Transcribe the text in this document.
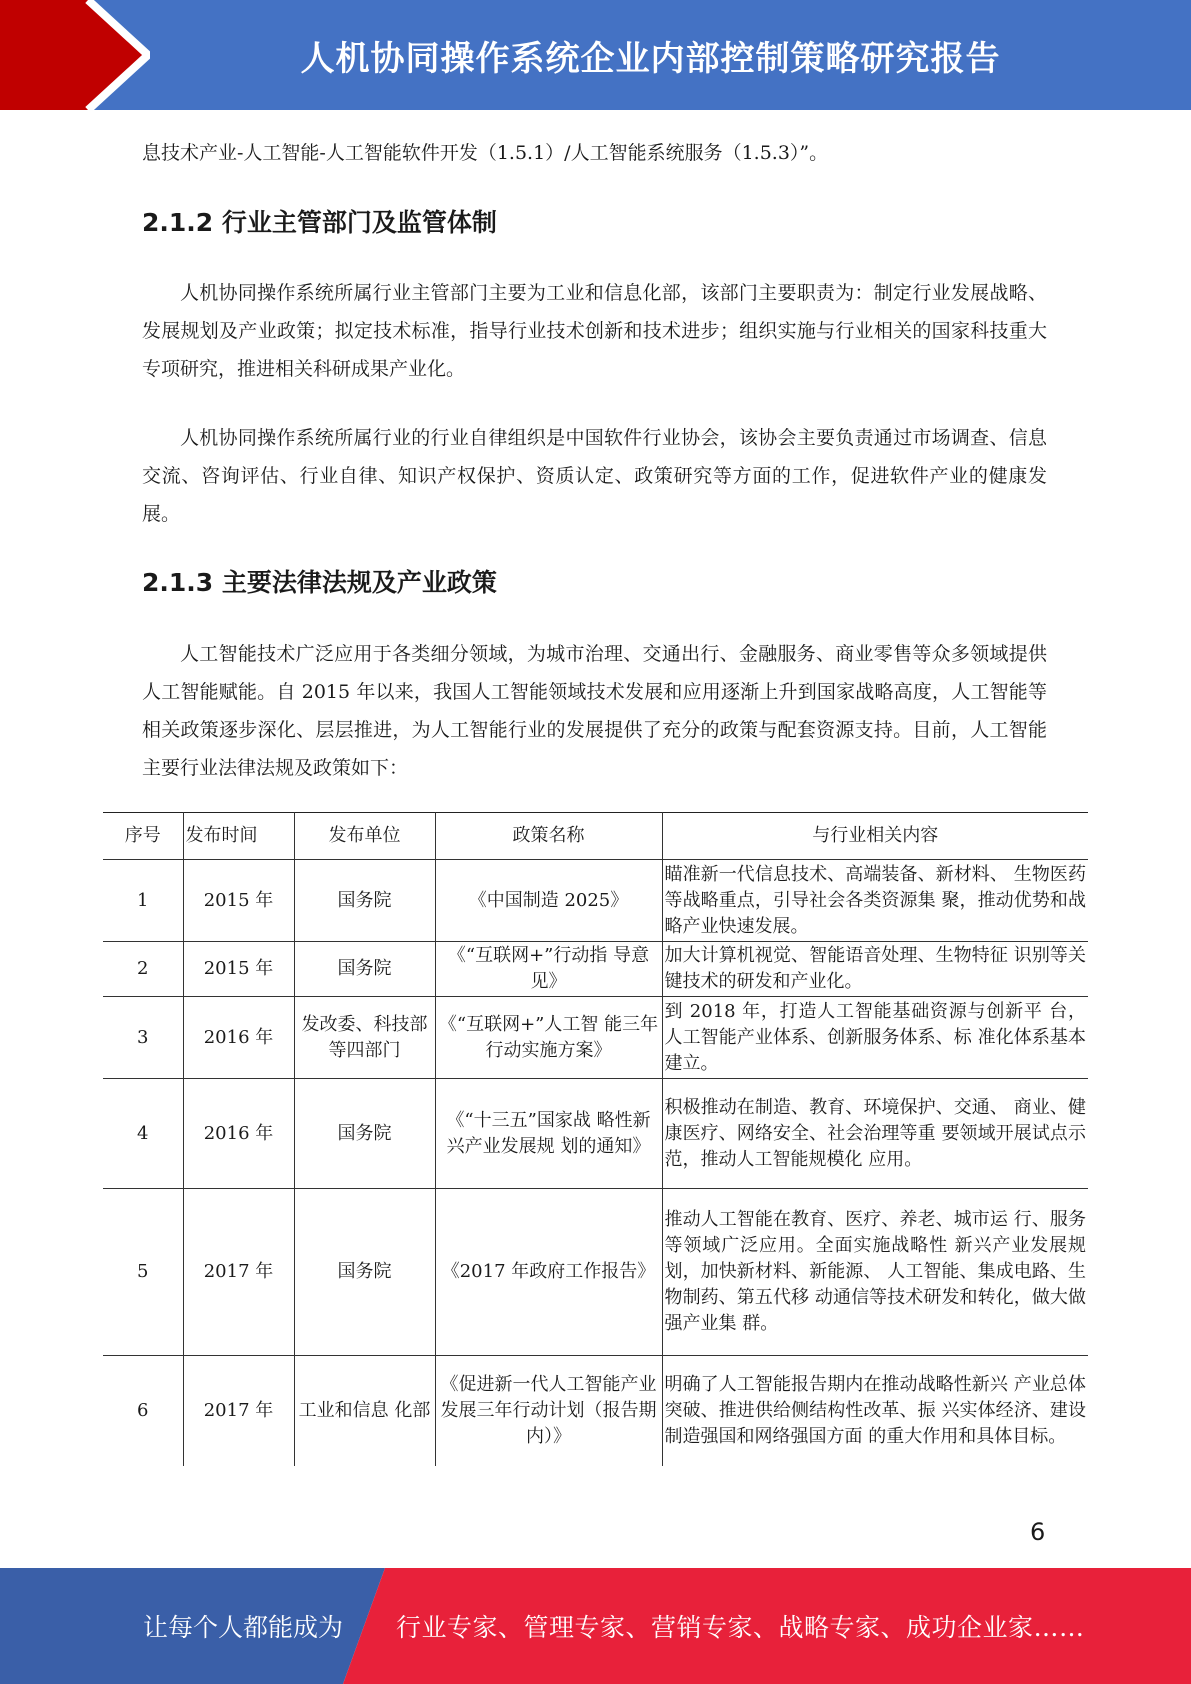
人机协同操作系统企业内部控制策略研究报告
息技术产业-人工智能-人工智能软件开发（1.5.1）/人工智能系统服务（1.5.3）”。
2.1.2 行业主管部门及监管体制
人机协同操作系统所属行业主管部门主要为工业和信息化部，该部门主要职责为：制定行业发展战略、发展规划及产业政策；拟定技术标准，指导行业技术创新和技术进步；组织实施与行业相关的国家科技重大专项研究，推进相关科研成果产业化。
人机协同操作系统所属行业的行业自律组织是中国软件行业协会，该协会主要负责通过市场调查、信息交流、咨询评估、行业自律、知识产权保护、资质认定、政策研究等方面的工作，促进软件产业的健康发展。
2.1.3 主要法律法规及产业政策
人工智能技术广泛应用于各类细分领域，为城市治理、交通出行、金融服务、商业零售等众多领域提供人工智能赋能。自 2015 年以来，我国人工智能领域技术发展和应用逐渐上升到国家战略高度，人工智能等相关政策逐步深化、层层推进，为人工智能行业的发展提供了充分的政策与配套资源支持。目前，人工智能主要行业法律法规及政策如下：
序号	发布时间	发布单位	政策名称	与行业相关内容
1	2015 年	国务院	《中国制造 2025》	瞄准新一代信息技术、高端装备、新材料、 生物医药等战略重点，引导社会各类资源集 聚，推动优势和战略产业快速发展。
2	2015 年	国务院	《“互联网+”行动指 导意见》	加大计算机视觉、智能语音处理、生物特征 识别等关键技术的研发和产业化。
3	2016 年	发改委、科技部等四部门	《“互联网+”人工智 能三年行动实施方案》	到 2018 年，打造人工智能基础资源与创新平 台，人工智能产业体系、创新服务体系、标 准化体系基本建立。
4	2016 年	国务院	《“十三五”国家战 略性新兴产业发展规 划的通知》	积极推动在制造、教育、环境保护、交通、 商业、健康医疗、网络安全、社会治理等重 要领域开展试点示范，推动人工智能规模化 应用。
5	2017 年	国务院	《2017 年政府工作报告》	推动人工智能在教育、医疗、养老、城市运 行、服务等领域广泛应用。全面实施战略性 新兴产业发展规划，加快新材料、新能源、 人工智能、集成电路、生物制药、第五代移 动通信等技术研发和转化，做大做强产业集 群。
6	2017 年	工业和信息 化部	《促进新一代人工智能产业发展三年行动计划（报告期内）》	明确了人工智能报告期内在推动战略性新兴 产业总体突破、推进供给侧结构性改革、振 兴实体经济、建设制造强国和网络强国方面 的重大作用和具体目标。
6
让每个人都能成为 行业专家、管理专家、营销专家、战略专家、成功企业家……
